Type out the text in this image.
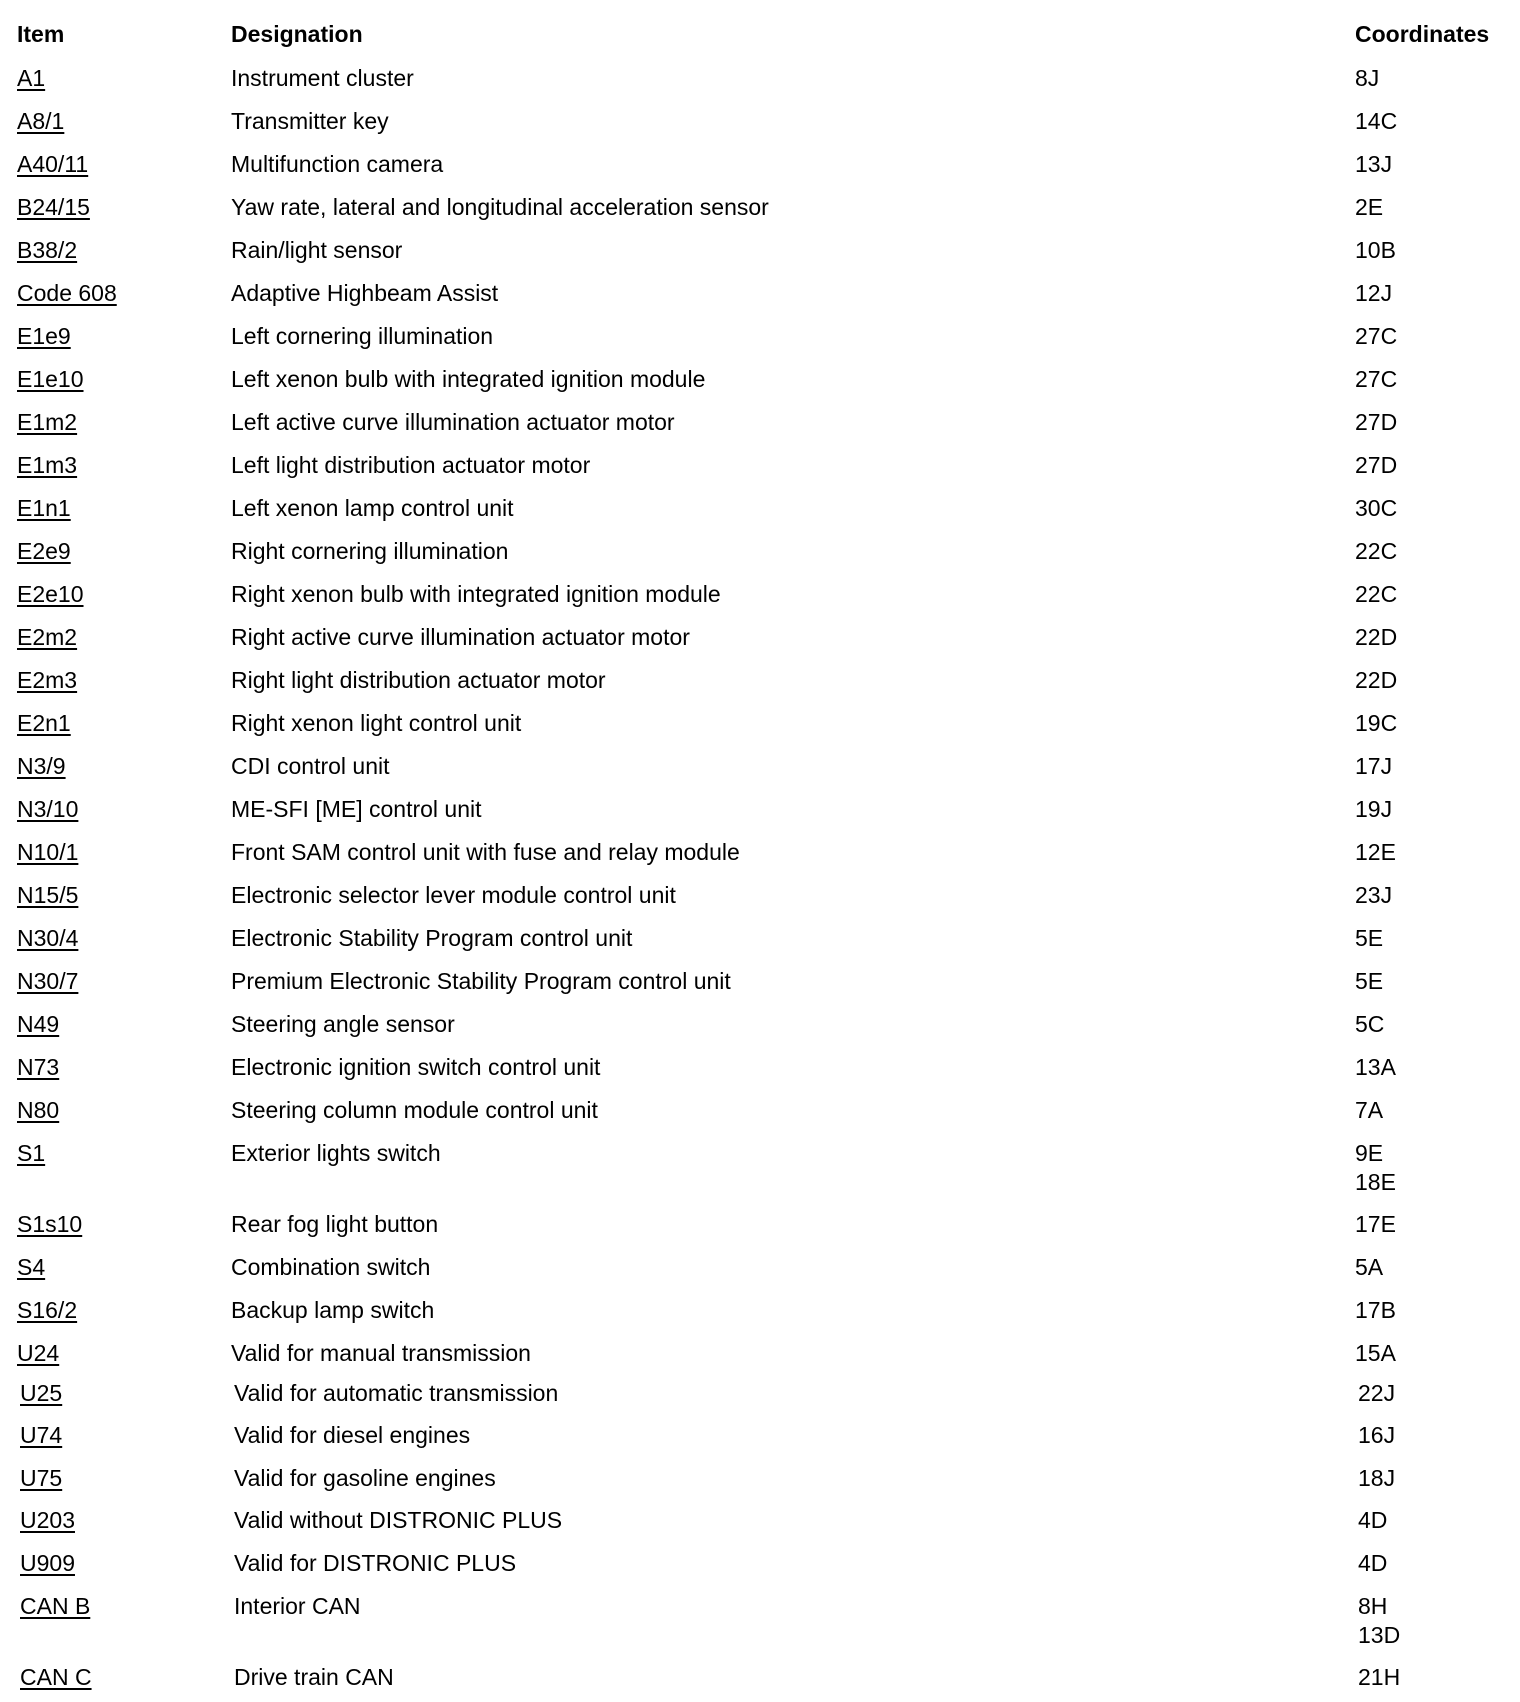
Item	Designation	Coordinates
A1	Instrument cluster	8J
A8/1	Transmitter key	14C
A40/11	Multifunction camera	13J
B24/15	Yaw rate, lateral and longitudinal acceleration sensor	2E
B38/2	Rain/light sensor	10B
Code 608	Adaptive Highbeam Assist	12J
E1e9	Left cornering illumination	27C
E1e10	Left xenon bulb with integrated ignition module	27C
E1m2	Left active curve illumination actuator motor	27D
E1m3	Left light distribution actuator motor	27D
E1n1	Left xenon lamp control unit	30C
E2e9	Right cornering illumination	22C
E2e10	Right xenon bulb with integrated ignition module	22C
E2m2	Right active curve illumination actuator motor	22D
E2m3	Right light distribution actuator motor	22D
E2n1	Right xenon light control unit	19C
N3/9	CDI control unit	17J
N3/10	ME-SFI [ME] control unit	19J
N10/1	Front SAM control unit with fuse and relay module	12E
N15/5	Electronic selector lever module control unit	23J
N30/4	Electronic Stability Program control unit	5E
N30/7	Premium Electronic Stability Program control unit	5E
N49	Steering angle sensor	5C
N73	Electronic ignition switch control unit	13A
N80	Steering column module control unit	7A
S1	Exterior lights switch	9E
18E
S1s10	Rear fog light button	17E
S4	Combination switch	5A
S16/2	Backup lamp switch	17B
U24	Valid for manual transmission	15A
U25	Valid for automatic transmission	22J
U74	Valid for diesel engines	16J
U75	Valid for gasoline engines	18J
U203	Valid without DISTRONIC PLUS	4D
U909	Valid for DISTRONIC PLUS	4D
CAN B	Interior CAN	8H
13D
CAN C	Drive train CAN	21H
